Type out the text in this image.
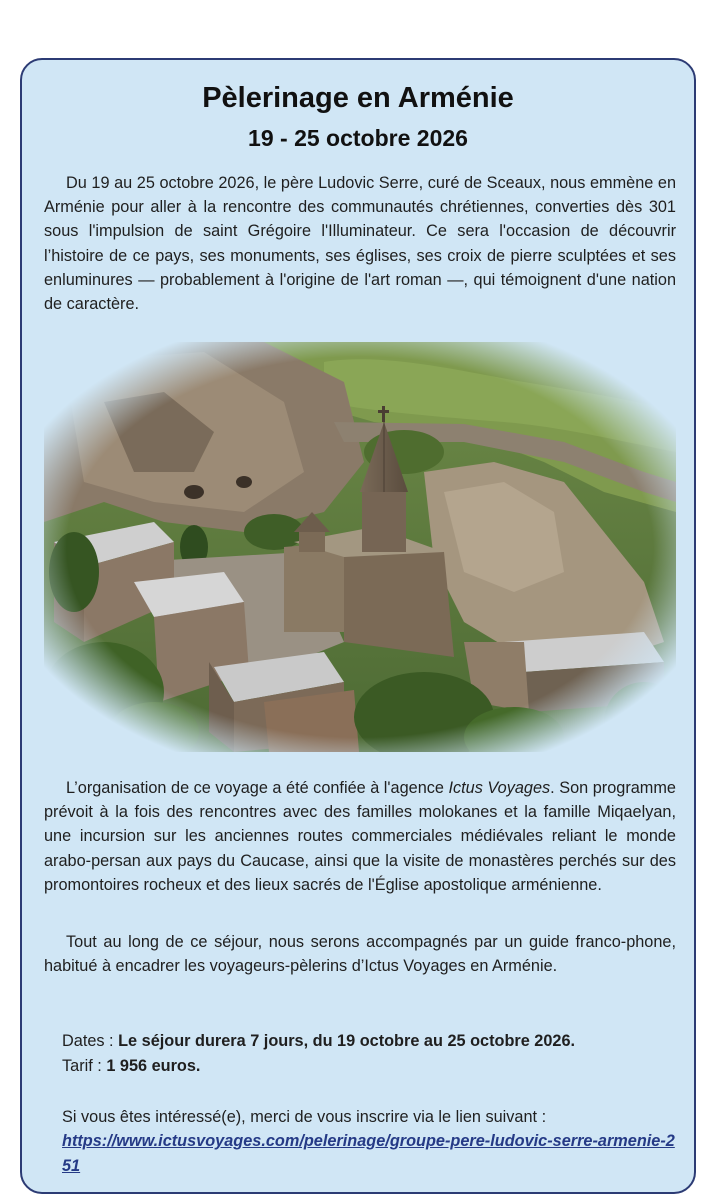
Pèlerinage en Arménie
19 - 25 octobre 2026

Du 19 au 25 octobre 2026, le père Ludovic Serre, curé de Sceaux, nous emmène en Arménie pour aller à la rencontre des communautés chrétiennes, converties dès 301 sous l'impulsion de saint Grégoire l'Illuminateur. Ce sera l'occasion de découvrir l’histoire de ce pays, ses monuments, ses églises, ses croix de pierre sculptées et ses enluminures — probablement à l'origine de l'art roman —, qui témoignent d'une nation de caractère.

L’organisation de ce voyage a été confiée à l'agence Ictus Voyages. Son programme prévoit à la fois des rencontres avec des familles molokanes et la famille Miqaelyan, une incursion sur les anciennes routes commerciales médiévales reliant le monde arabo-persan aux pays du Caucase, ainsi que la visite de monastères perchés sur des promontoires rocheux et des lieux sacrés de l'Église apostolique arménienne.

Tout au long de ce séjour, nous serons accompagnés par un guide franco-phone, habitué à encadrer les voyageurs-pèlerins d’Ictus Voyages en Arménie.

Dates : Le séjour durera 7 jours, du 19 octobre au 25 octobre 2026.

Tarif : 1 956 euros.

Si vous êtes intéressé(e), merci de vous inscrire via le lien suivant :

https://www.ictusvoyages.com/pelerinage/groupe-pere-ludovic-serre-armenie-251
